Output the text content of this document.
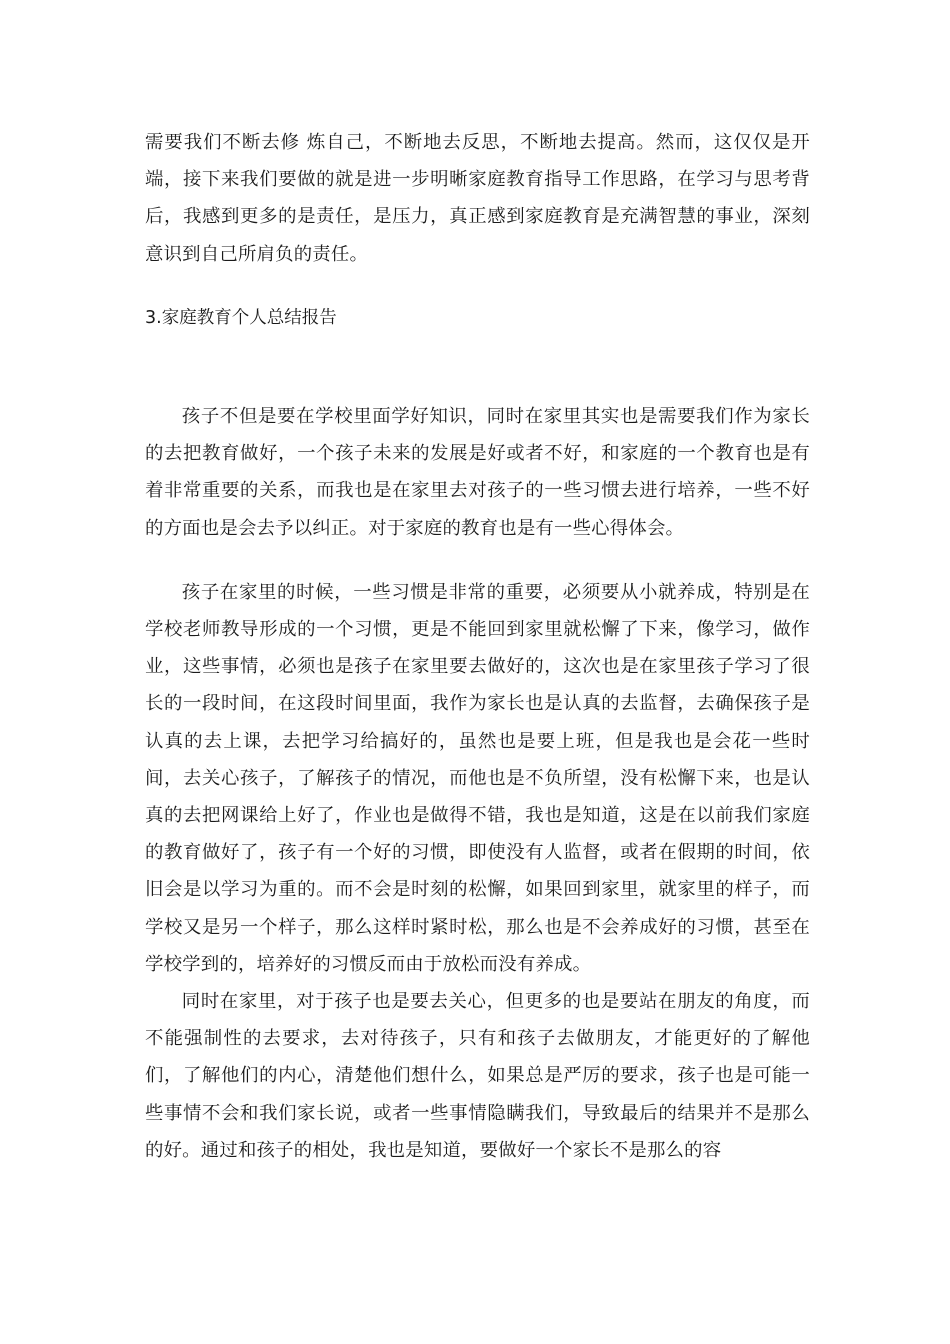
需要我们不断去修 炼自己，不断地去反思，不断地去提高。然而，这仅仅是开端，接下来我们要做的就是进一步明晰家庭教育指导工作思路，在学习与思考背后，我感到更多的是责任，是压力，真正感到家庭教育是充满智慧的事业，深刻意识到自己所肩负的责任。

3.家庭教育个人总结报告

孩子不但是要在学校里面学好知识，同时在家里其实也是需要我们作为家长的去把教育做好，一个孩子未来的发展是好或者不好，和家庭的一个教育也是有着非常重要的关系，而我也是在家里去对孩子的一些习惯去进行培养，一些不好的方面也是会去予以纠正。对于家庭的教育也是有一些心得体会。

孩子在家里的时候，一些习惯是非常的重要，必须要从小就养成，特别是在学校老师教导形成的一个习惯，更是不能回到家里就松懈了下来，像学习，做作业，这些事情，必须也是孩子在家里要去做好的，这次也是在家里孩子学习了很长的一段时间，在这段时间里面，我作为家长也是认真的去监督，去确保孩子是认真的去上课，去把学习给搞好的，虽然也是要上班，但是我也是会花一些时间，去关心孩子，了解孩子的情况，而他也是不负所望，没有松懈下来，也是认真的去把网课给上好了，作业也是做得不错，我也是知道，这是在以前我们家庭的教育做好了，孩子有一个好的习惯，即使没有人监督，或者在假期的时间，依旧会是以学习为重的。而不会是时刻的松懈，如果回到家里，就家里的样子，而学校又是另一个样子，那么这样时紧时松，那么也是不会养成好的习惯，甚至在学校学到的，培养好的习惯反而由于放松而没有养成。

同时在家里，对于孩子也是要去关心，但更多的也是要站在朋友的角度，而不能强制性的去要求，去对待孩子，只有和孩子去做朋友，才能更好的了解他们，了解他们的内心，清楚他们想什么，如果总是严厉的要求，孩子也是可能一些事情不会和我们家长说，或者一些事情隐瞒我们，导致最后的结果并不是那么的好。通过和孩子的相处，我也是知道，要做好一个家长不是那么的容
